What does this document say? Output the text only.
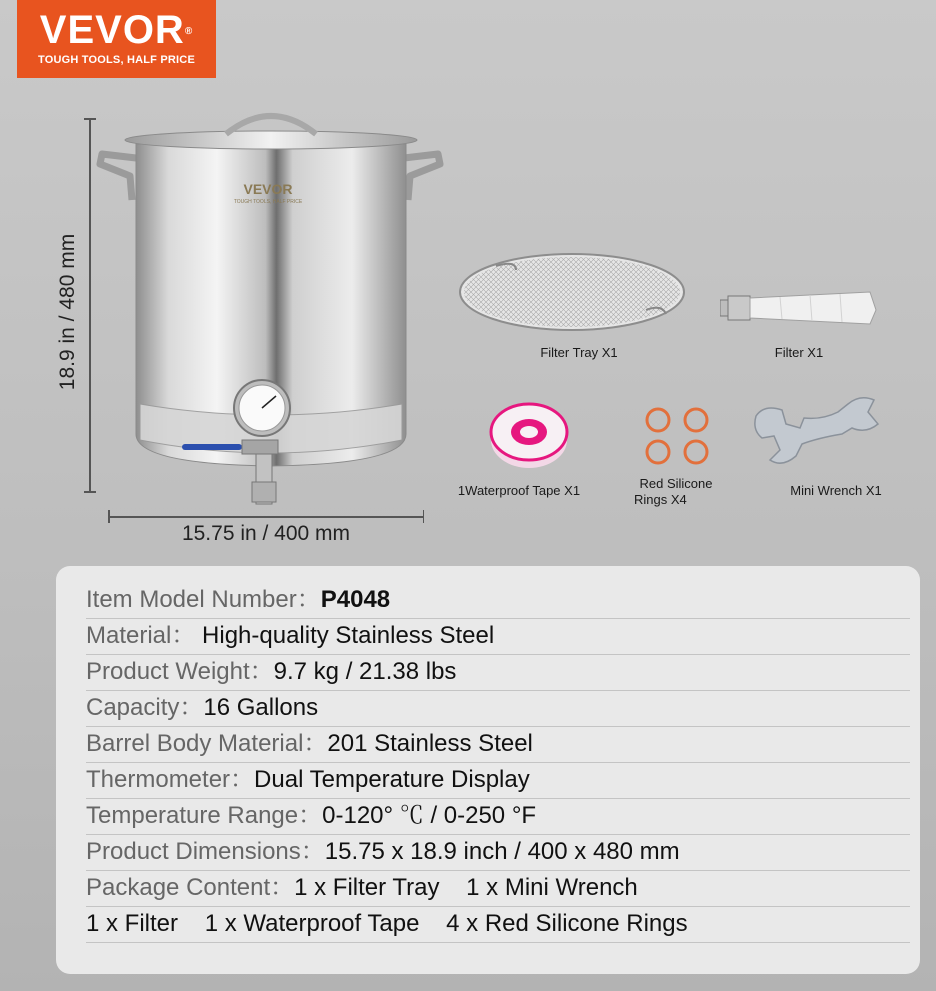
VEVOR®
TOUGH TOOLS, HALF PRICE
VEVOR
TOUGH TOOLS, HALF PRICE
18.9 in / 480 mm
15.75 in / 400 mm
Filter Tray X1	Filter X1
1Waterproof Tape X1	Red Silicone
Rings X4
Mini Wrench X1
Item Model Number：P4048
Material： High-quality Stainless Steel
Product Weight：9.7 kg / 21.38 lbs
Capacity：16 Gallons
Barrel Body Material：201 Stainless Steel
Thermometer：Dual Temperature Display
Temperature Range：0-120° ℃ / 0-250 °F
Product Dimensions：15.75 x 18.9 inch / 400 x 480 mm
Package Content：1 x Filter Tray    1 x Mini Wrench
1 x Filter    1 x Waterproof Tape    4 x Red Silicone Rings
